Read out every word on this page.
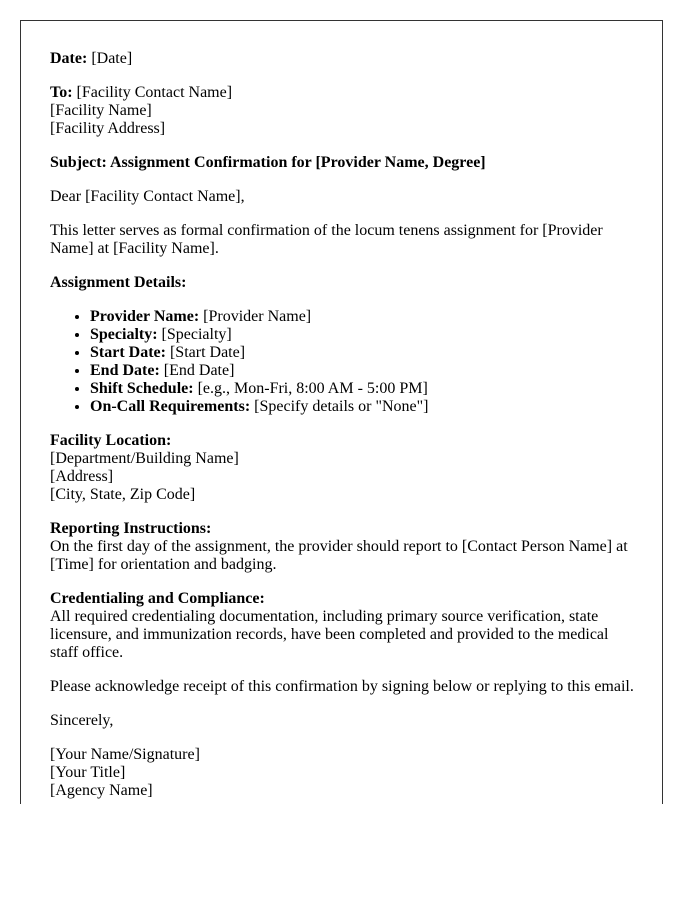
Date: [Date]

To: [Facility Contact Name]
[Facility Name]
[Facility Address]

Subject: Assignment Confirmation for [Provider Name, Degree]

Dear [Facility Contact Name],

This letter serves as formal confirmation of the locum tenens assignment for [Provider Name] at [Facility Name].

Assignment Details:

• Provider Name: [Provider Name]
• Specialty: [Specialty]
• Start Date: [Start Date]
• End Date: [End Date]
• Shift Schedule: [e.g., Mon-Fri, 8:00 AM - 5:00 PM]
• On-Call Requirements: [Specify details or "None"]

Facility Location:
[Department/Building Name]
[Address]
[City, State, Zip Code]

Reporting Instructions:
On the first day of the assignment, the provider should report to [Contact Person Name] at [Time] for orientation and badging.

Credentialing and Compliance:
All required credentialing documentation, including primary source verification, state licensure, and immunization records, have been completed and provided to the medical staff office.

Please acknowledge receipt of this confirmation by signing below or replying to this email.

Sincerely,

[Your Name/Signature]
[Your Title]
[Agency Name]
